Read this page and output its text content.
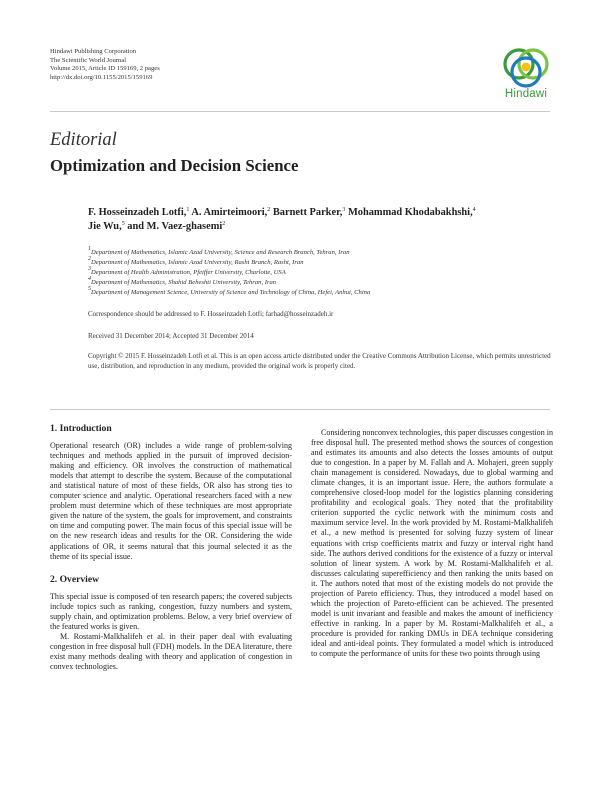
Hindawi Publishing Corporation
The Scientific World Journal
Volume 2015, Article ID 159169, 2 pages
http://dx.doi.org/10.1155/2015/159169
Hindawi
Editorial
Optimization and Decision Science
F. Hosseinzadeh Lotfi,$^1$ A. Amirteimoori,$^2$ Barnett Parker,$^3$ Mohammad Khodabakhshi,$^4$
Jie Wu,$^5$ and M. Vaez-ghasemi$^2$
$^1$Department of Mathematics, Islamic Azad University, Science and Research Branch, Tehran, Iran
$^2$Department of Mathematics, Islamic Azad University, Rasht Branch, Rasht, Iran
$^3$Department of Health Administration, Pfeiffer University, Charlotte, USA
$^4$Department of Mathematics, Shahid Beheshti University, Tehran, Iran
$^5$Department of Management Science, University of Science and Technology of China, Hefei, Anhui, China
Correspondence should be addressed to F. Hosseinzadeh Lotfi; farhad@hosseinzadeh.ir
Received 31 December 2014; Accepted 31 December 2014
Copyright © 2015 F. Hosseinzadeh Lotfi et al. This is an open access article distributed under the Creative Commons Attribution License, which permits unrestricted use, distribution, and reproduction in any medium, provided the original work is properly cited.
1. Introduction

Operational research (OR) includes a wide range of problem-solving techniques and methods applied in the pursuit of improved decision-making and efficiency. OR involves the construction of mathematical models that attempt to describe the system. Because of the computational and statistical nature of most of these fields, OR also has strong ties to computer science and analytic. Operational researchers faced with a new problem must determine which of these techniques are most appropriate given the nature of the system, the goals for improvement, and constraints on time and computing power. The main focus of this special issue will be on the new research ideas and results for the OR. Considering the wide applications of OR, it seems natural that this journal selected it as the theme of its special issue.

2. Overview

This special issue is composed of ten research papers; the covered subjects include topics such as ranking, congestion, fuzzy numbers and system, supply chain, and optimization problems. Below, a very brief overview of the featured works is given.

M. Rostami-Malkhalifeh et al. in their paper deal with evaluating congestion in free disposal hull (FDH) models. In the DEA literature, there exist many methods dealing with theory and application of congestion in convex technologies.

Considering nonconvex technologies, this paper discusses congestion in free disposal hull. The presented method shows the sources of congestion and estimates its amounts and also detects the losses amounts of output due to congestion. In a paper by M. Fallah and A. Mohajeri, green supply chain management is considered. Nowadays, due to global warming and climate changes, it is an important issue. Here, the authors formulate a comprehensive closed-loop model for the logistics planning considering profitability and ecological goals. They noted that the profitability criterion supported the cyclic network with the minimum costs and maximum service level. In the work provided by M. Rostami-Malkhalifeh et al., a new method is presented for solving fuzzy system of linear equations with crisp coefficients matrix and fuzzy or interval right hand side. The authors derived conditions for the existence of a fuzzy or interval solution of linear system. A work by M. Rostami-Malkhalifeh et al. discusses calculating superefficiency and then ranking the units based on it. The authors noted that most of the existing models do not provide the projection of Pareto efficiency. Thus, they introduced a model based on which the projection of Pareto-efficient can be achieved. The presented model is unit invariant and feasible and makes the amount of inefficiency effective in ranking. In a paper by M. Rostami-Malkhalifeh et al., a procedure is provided for ranking DMUs in DEA technique considering ideal and anti-ideal points. They formulated a model which is introduced to compute the performance of units for these two points through using
